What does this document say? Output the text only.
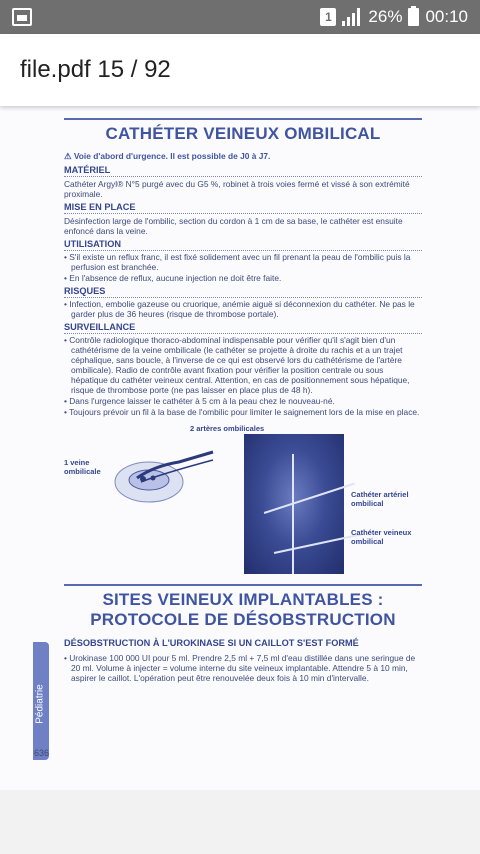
1 26% 00:10
file.pdf 15 / 92
CATHÉTER VEINEUX OMBILICAL
⚠ Voie d'abord d'urgence. Il est possible de J0 à J7.
MATÉRIEL
Cathéter Argyl® N°5 purgé avec du G5 %, robinet à trois voies fermé et vissé à son extrémité proximale.
MISE EN PLACE
Désinfection large de l'ombilic, section du cordon à 1 cm de sa base, le cathéter est ensuite enfoncé dans la veine.
UTILISATION
• S'il existe un reflux franc, il est fixé solidement avec un fil prenant la peau de l'ombilic puis la perfusion est branchée.
• En l'absence de reflux, aucune injection ne doit être faite.
RISQUES
• Infection, embolie gazeuse ou cruorique, anémie aiguë si déconnexion du cathéter. Ne pas le garder plus de 36 heures (risque de thrombose portale).
SURVEILLANCE
• Contrôle radiologique thoraco-abdominal indispensable pour vérifier qu'il s'agit bien d'un cathétérisme de la veine ombilicale (le cathéter se projette à droite du rachis et a un trajet céphalique, sans boucle, à l'inverse de ce qui est observé lors du cathétérisme de l'artère ombilicale). Radio de contrôle avant fixation pour vérifier la position centrale ou sous hépatique du cathéter veineux central. Attention, en cas de positionnement sous hépatique, risque de thrombose porte (ne pas laisser en place plus de 48 h).
• Dans l'urgence laisser le cathéter à 5 cm à la peau chez le nouveau-né.
• Toujours prévoir un fil à la base de l'ombilic pour limiter le saignement lors de la mise en place.
2 artères ombilicales
1 veine ombilicale
Cathéter artériel ombilical
Cathéter veineux ombilical
SITES VEINEUX IMPLANTABLES :
PROTOCOLE DE DÉSOBSTRUCTION
DÉSOBSTRUCTION À L'UROKINASE SI UN CAILLOT S'EST FORMÉ
• Urokinase 100 000 UI pour 5 ml. Prendre 2,5 ml + 7,5 ml d'eau distillée dans une seringue de 20 ml. Volume à injecter = volume interne du site veineux implantable. Attendre 5 à 10 min, aspirer le caillot. L'opération peut être renouvelée deux fois à 10 min d'intervalle.
Pédiatrie
636
